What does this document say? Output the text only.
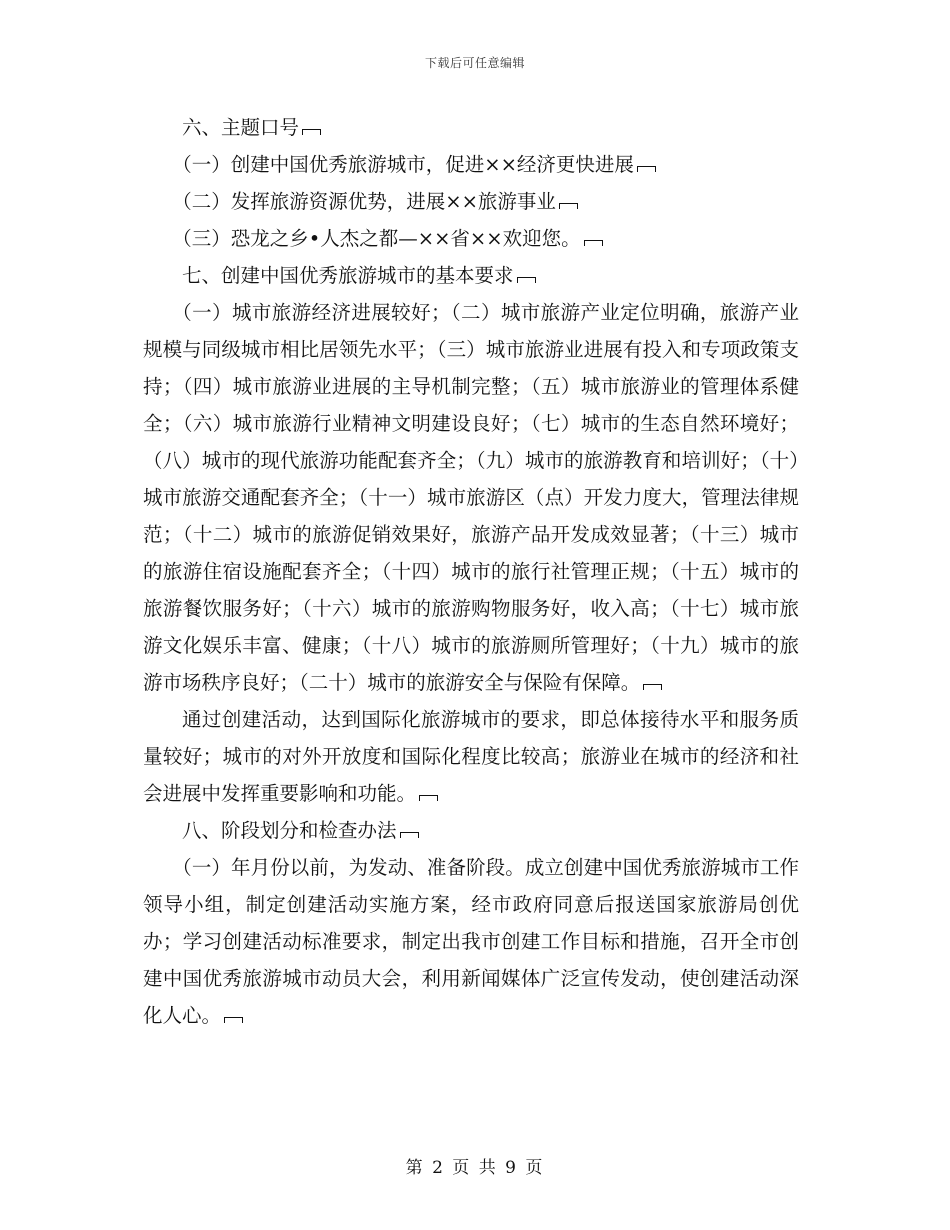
下载后可任意编辑

六、主题口号

（一）创建中国优秀旅游城市，促进××经济更快进展

（二）发挥旅游资源优势，进展××旅游事业

（三）恐龙之乡•人杰之都—××省××欢迎您。

七、创建中国优秀旅游城市的基本要求

（一）城市旅游经济进展较好；（二）城市旅游产业定位明确，旅游产业规模与同级城市相比居领先水平；（三）城市旅游业进展有投入和专项政策支持；（四）城市旅游业进展的主导机制完整；（五）城市旅游业的管理体系健全；（六）城市旅游行业精神文明建设良好；（七）城市的生态自然环境好；（八）城市的现代旅游功能配套齐全；（九）城市的旅游教育和培训好；（十）城市旅游交通配套齐全；（十一）城市旅游区（点）开发力度大，管理法律规范；（十二）城市的旅游促销效果好，旅游产品开发成效显著；（十三）城市的旅游住宿设施配套齐全；（十四）城市的旅行社管理正规；（十五）城市的旅游餐饮服务好；（十六）城市的旅游购物服务好，收入高；（十七）城市旅游文化娱乐丰富、健康；（十八）城市的旅游厕所管理好；（十九）城市的旅游市场秩序良好；（二十）城市的旅游安全与保险有保障。

通过创建活动，达到国际化旅游城市的要求，即总体接待水平和服务质量较好；城市的对外开放度和国际化程度比较高；旅游业在城市的经济和社会进展中发挥重要影响和功能。

八、阶段划分和检查办法

（一）年月份以前，为发动、准备阶段。成立创建中国优秀旅游城市工作领导小组，制定创建活动实施方案，经市政府同意后报送国家旅游局创优办；学习创建活动标准要求，制定出我市创建工作目标和措施，召开全市创建中国优秀旅游城市动员大会，利用新闻媒体广泛宣传发动，使创建活动深化人心。

第 2 页 共 9 页
